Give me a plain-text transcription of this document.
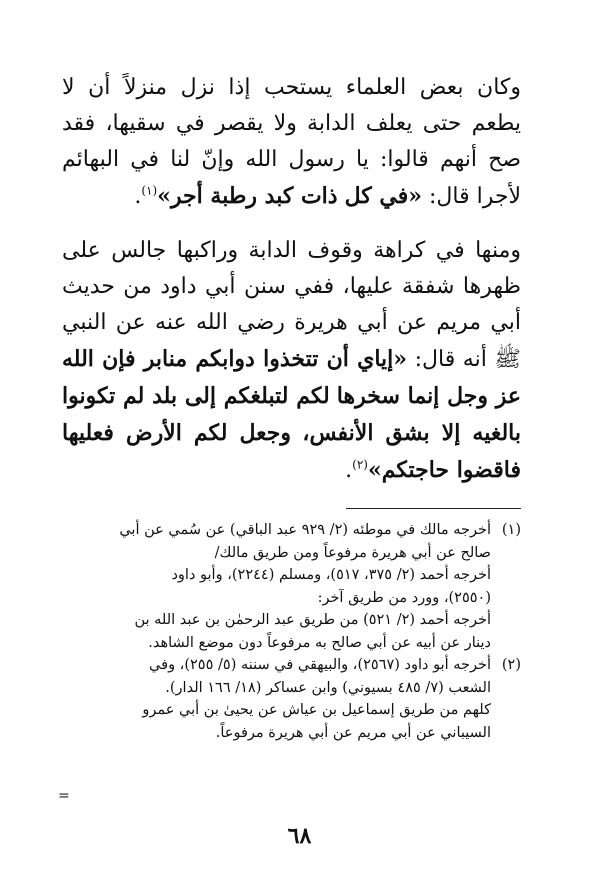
وكان بعض العلماء يستحب إذا نزل منزلاً أن لا يطعم حتى يعلف الدابة ولا يقصر في سقيها، فقد صح أنهم قالوا: يا رسول الله وإنّ لنا في البهائم لأجرا قال: «في كل ذات كبد رطبة أجر»$^{(١)}$.

ومنها في كراهة وقوف الدابة وراكبها جالس على ظهرها شفقة عليها، ففي سنن أبي داود من حديث أبي مريم عن أبي هريرة رضي الله عنه عن النبي ﷺ أنه قال: «إياي أن تتخذوا دوابكم منابر فإن الله عز وجل إنما سخرها لكم لتبلغكم إلى بلد لم تكونوا بالغيه إلا بشق الأنفس، وجعل لكم الأرض فعليها فاقضوا حاجتكم»$^{(٢)}$.

(١)
أخرجه مالك في موطئه (٢/ ٩٢٩ عبد الباقي) عن سُمي عن أبي
صالح عن أبي هريرة مرفوعاً ومن طريق مالك/
أخرجه أحمد (٢/ ٣٧٥، ٥١٧)، ومسلم (٢٢٤٤)، وأبو داود
(٢٥٥٠)، وورد من طريق آخر:
أخرجه أحمد (٢/ ٥٢١) من طريق عبد الرحمٰن بن عبد الله بن
دينار عن أبيه عن أبي صالح به مرفوعاً دون موضع الشاهد.
(٢)
أخرجه أبو داود (٢٥٦٧)، والبيهقي في سننه (٥/ ٢٥٥)، وفي
الشعب (٧/ ٤٨٥ بسيوني) وابن عساكر (١٨/ ١٦٦ الدار).
كلهم من طريق إسماعيل بن عياش عن يحيىٰ بن أبي عمرو
السيباني عن أبي مريم عن أبي هريرة مرفوعاً.
=
٦٨
